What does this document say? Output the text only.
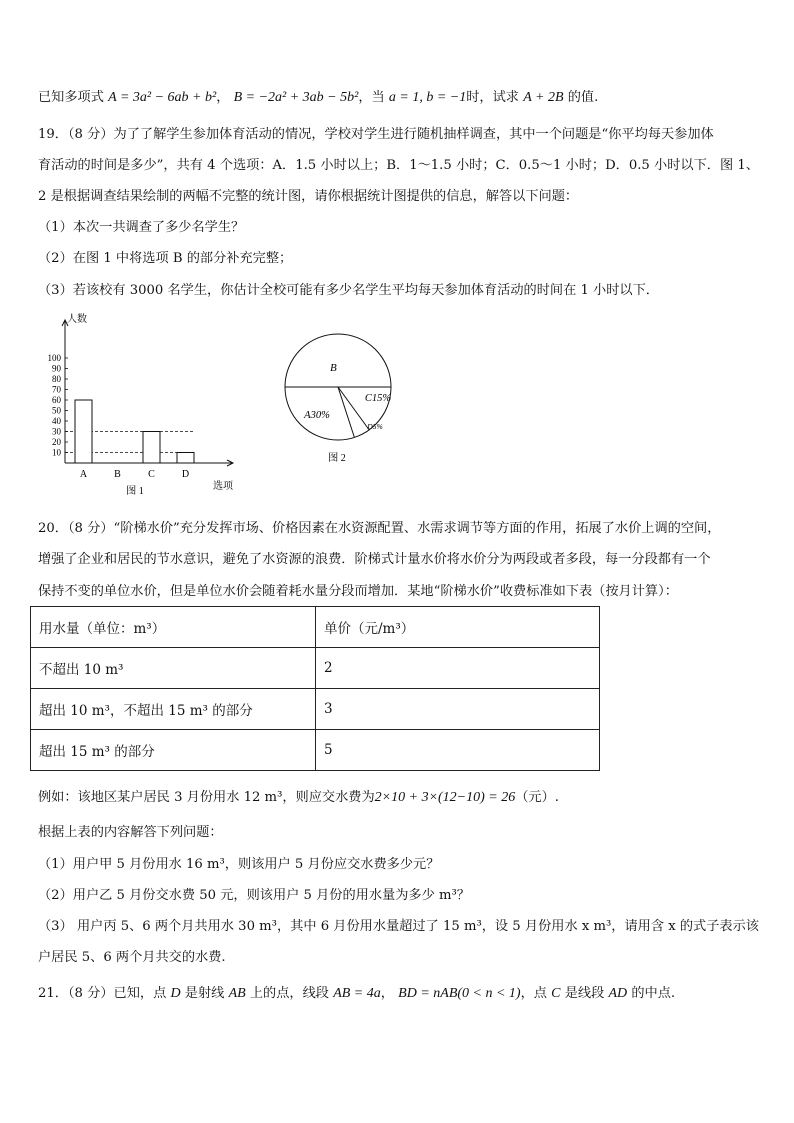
已知多项式 A = 3a² − 6ab + b²， B = −2a² + 3ab − 5b²，当 a = 1, b = −1时，试求 A + 2B 的值.
19．（8 分）为了了解学生参加体育活动的情况，学校对学生进行随机抽样调查，其中一个问题是“你平均每天参加体
育活动的时间是多少”，共有 4 个选项：A．1.5 小时以上；B．1～1.5 小时；C．0.5～1 小时；D．0.5 小时以下．图 1、
2 是根据调查结果绘制的两幅不完整的统计图，请你根据统计图提供的信息，解答以下问题：
（1）本次一共调查了多少名学生？
（2）在图 1 中将选项 B 的部分补充完整；
（3）若该校有 3000 名学生，你估计全校可能有多少名学生平均每天参加体育活动的时间在 1 小时以下．
人数
选项
10
20
30
40
50
60
70
80
90
100
A	B	C	D
图 1
B
C15%
A30%
D5%
图 2
20．（8 分）“阶梯水价”充分发挥市场、价格因素在水资源配置、水需求调节等方面的作用，拓展了水价上调的空间，
增强了企业和居民的节水意识，避免了水资源的浪费．阶梯式计量水价将水价分为两段或者多段，每一分段都有一个
保持不变的单位水价，但是单位水价会随着耗水量分段而增加．某地“阶梯水价”收费标准如下表（按月计算）：
用水量（单位：m³）	单价（元/m³）
不超出 10 m³	2
超出 10 m³，不超出 15 m³ 的部分	3
超出 15 m³ 的部分	5
例如：该地区某户居民 3 月份用水 12 m³，则应交水费为2×10 + 3×(12−10) = 26（元）.
根据上表的内容解答下列问题：
（1）用户甲 5 月份用水 16 m³，则该用户 5 月份应交水费多少元？
（2）用户乙 5 月份交水费 50 元，则该用户 5 月份的用水量为多少 m³？
（3） 用户丙 5、6 两个月共用水 30 m³，其中 6 月份用水量超过了 15 m³，设 5 月份用水 x m³，请用含 x 的式子表示该
户居民 5、6 两个月共交的水费.
21．（8 分）已知，点 D 是射线 AB 上的点，线段 AB = 4a， BD = nAB(0 < n < 1)，点 C 是线段 AD 的中点.
